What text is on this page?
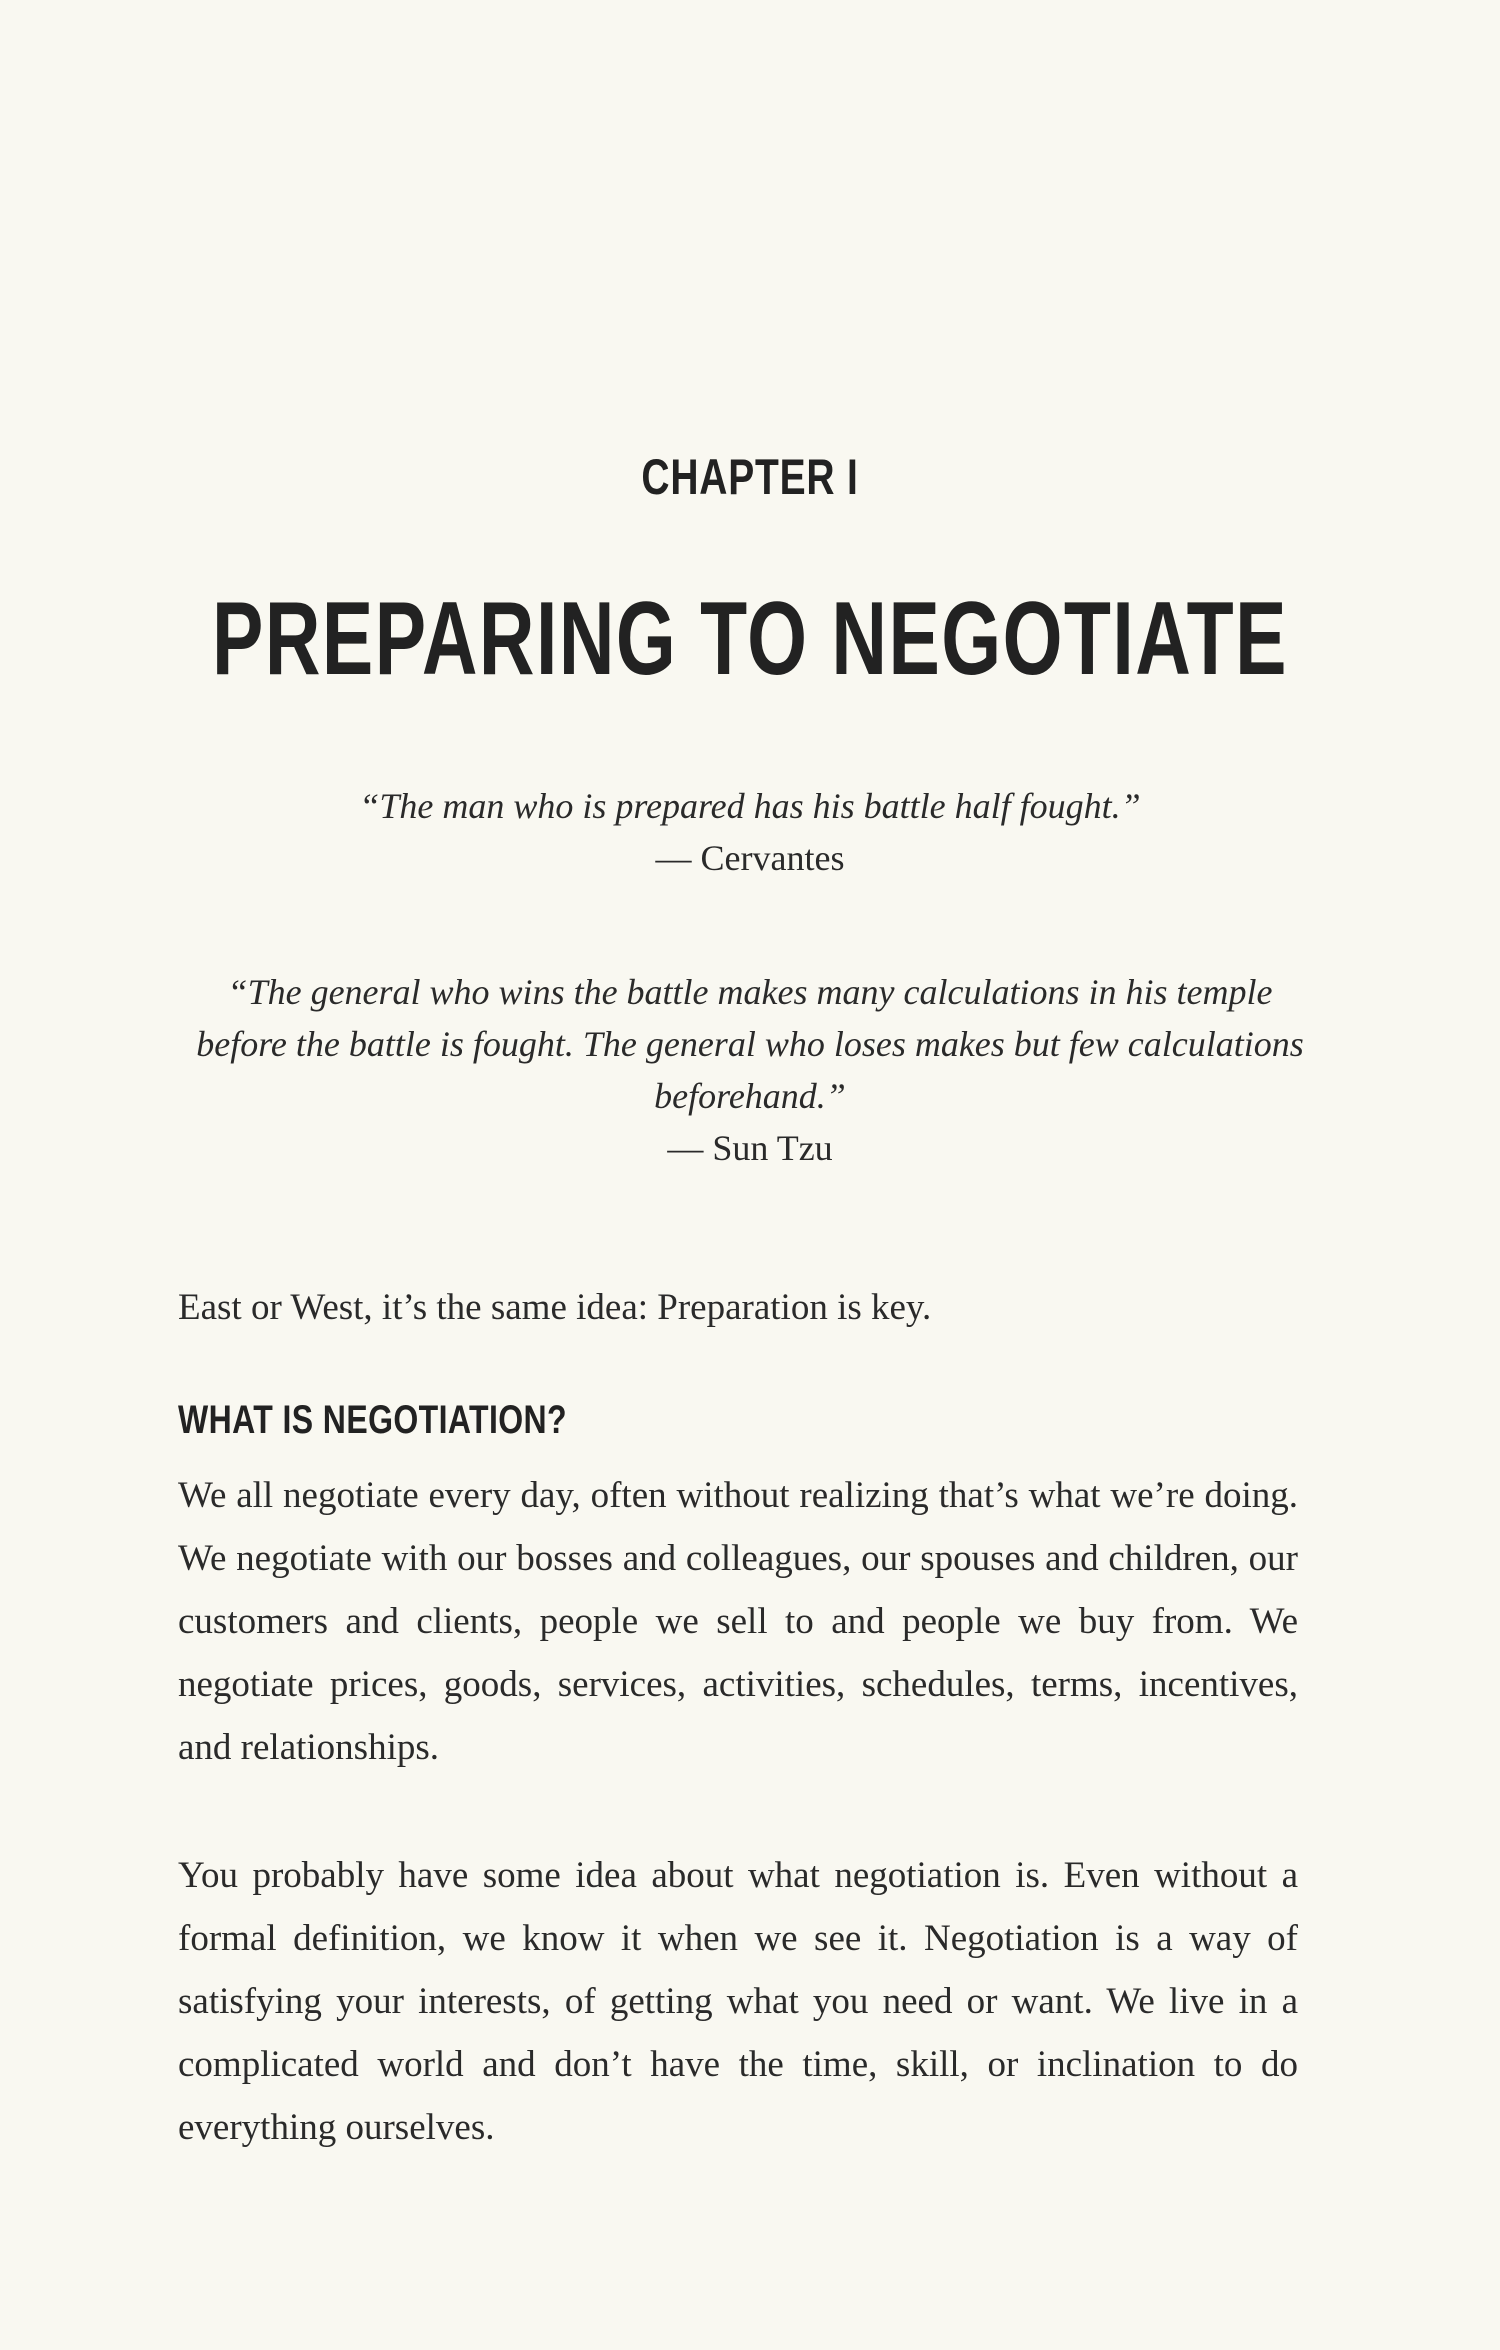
CHAPTER I
PREPARING TO NEGOTIATE
“The man who is prepared has his battle half fought.”
— Cervantes
“The general who wins the battle makes many calculations in his temple before the battle is fought. The general who loses makes but few calculations beforehand.”
— Sun Tzu

East or West, it’s the same idea: Preparation is key.

WHAT IS NEGOTIATION?

We all negotiate every day, often without realizing that’s what we’re doing. We negotiate with our bosses and colleagues, our spouses and children, our customers and clients, people we sell to and people we buy from. We negotiate prices, goods, services, activities, schedules, terms, incentives, and relationships.

You probably have some idea about what negotiation is. Even without a formal definition, we know it when we see it. Negotiation is a way of satisfying your interests, of getting what you need or want. We live in a complicated world and don’t have the time, skill, or inclination to do everything ourselves.
